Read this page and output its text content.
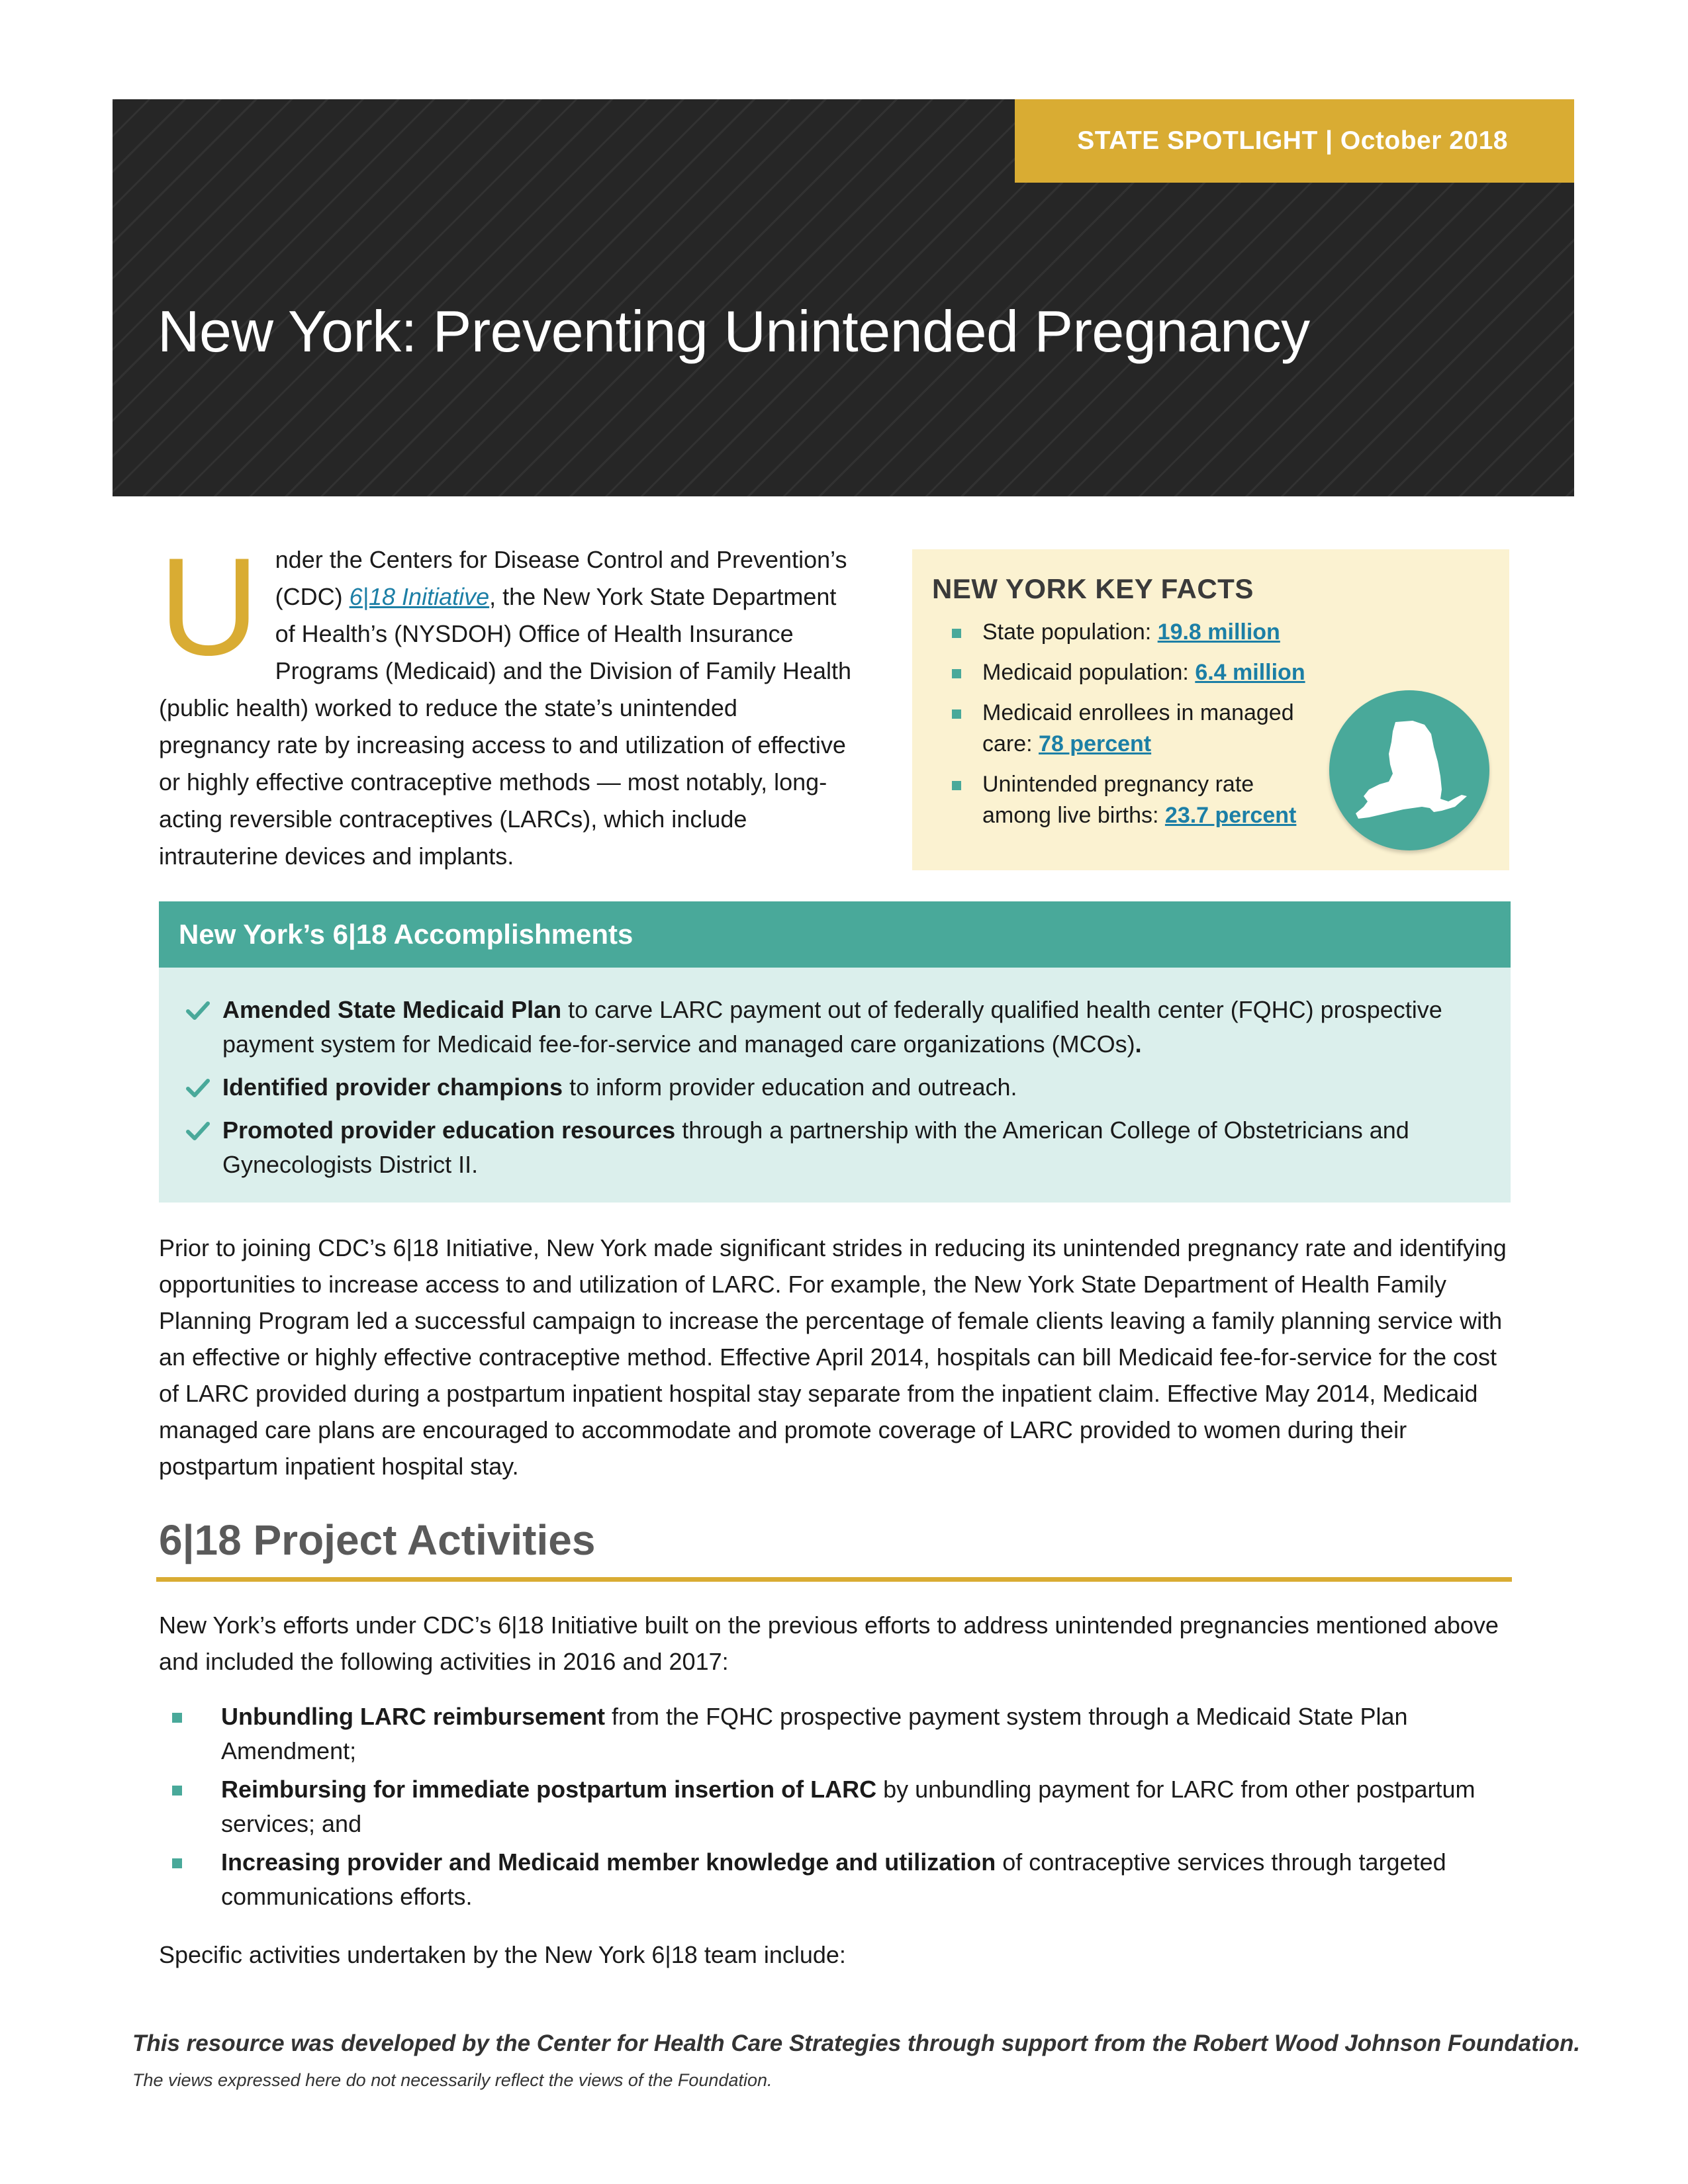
STATE SPOTLIGHT | October 2018
New York: Preventing Unintended Pregnancy

Under the Centers for Disease Control and Prevention’s (CDC) 6|18 Initiative, the New York State Department of Health’s (NYSDOH) Office of Health Insurance Programs (Medicaid) and the Division of Family Health (public health) worked to reduce the state’s unintended pregnancy rate by increasing access to and utilization of effective or highly effective contraceptive methods — most notably, long-acting reversible contraceptives (LARCs), which include intrauterine devices and implants.

NEW YORK KEY FACTS
State population: 19.8 million
Medicaid population: 6.4 million
Medicaid enrollees in managed care: 78 percent
Unintended pregnancy rate among live births: 23.7 percent
New York’s 6|18 Accomplishments
Amended State Medicaid Plan to carve LARC payment out of federally qualified health center (FQHC) prospective payment system for Medicaid fee-for-service and managed care organizations (MCOs).
Identified provider champions to inform provider education and outreach.
Promoted provider education resources through a partnership with the American College of Obstetricians and Gynecologists District II.

Prior to joining CDC’s 6|18 Initiative, New York made significant strides in reducing its unintended pregnancy rate and identifying opportunities to increase access to and utilization of LARC. For example, the New York State Department of Health Family Planning Program led a successful campaign to increase the percentage of female clients leaving a family planning service with an effective or highly effective contraceptive method. Effective April 2014, hospitals can bill Medicaid fee-for-service for the cost of LARC provided during a postpartum inpatient hospital stay separate from the inpatient claim. Effective May 2014, Medicaid managed care plans are encouraged to accommodate and promote coverage of LARC provided to women during their postpartum inpatient hospital stay.

6|18 Project Activities

New York’s efforts under CDC’s 6|18 Initiative built on the previous efforts to address unintended pregnancies mentioned above and included the following activities in 2016 and 2017:

Unbundling LARC reimbursement from the FQHC prospective payment system through a Medicaid State Plan Amendment;
Reimbursing for immediate postpartum insertion of LARC by unbundling payment for LARC from other postpartum services; and
Increasing provider and Medicaid member knowledge and utilization of contraceptive services through targeted communications efforts.

Specific activities undertaken by the New York 6|18 team include:

This resource was developed by the Center for Health Care Strategies through support from the Robert Wood Johnson Foundation.

The views expressed here do not necessarily reflect the views of the Foundation.
